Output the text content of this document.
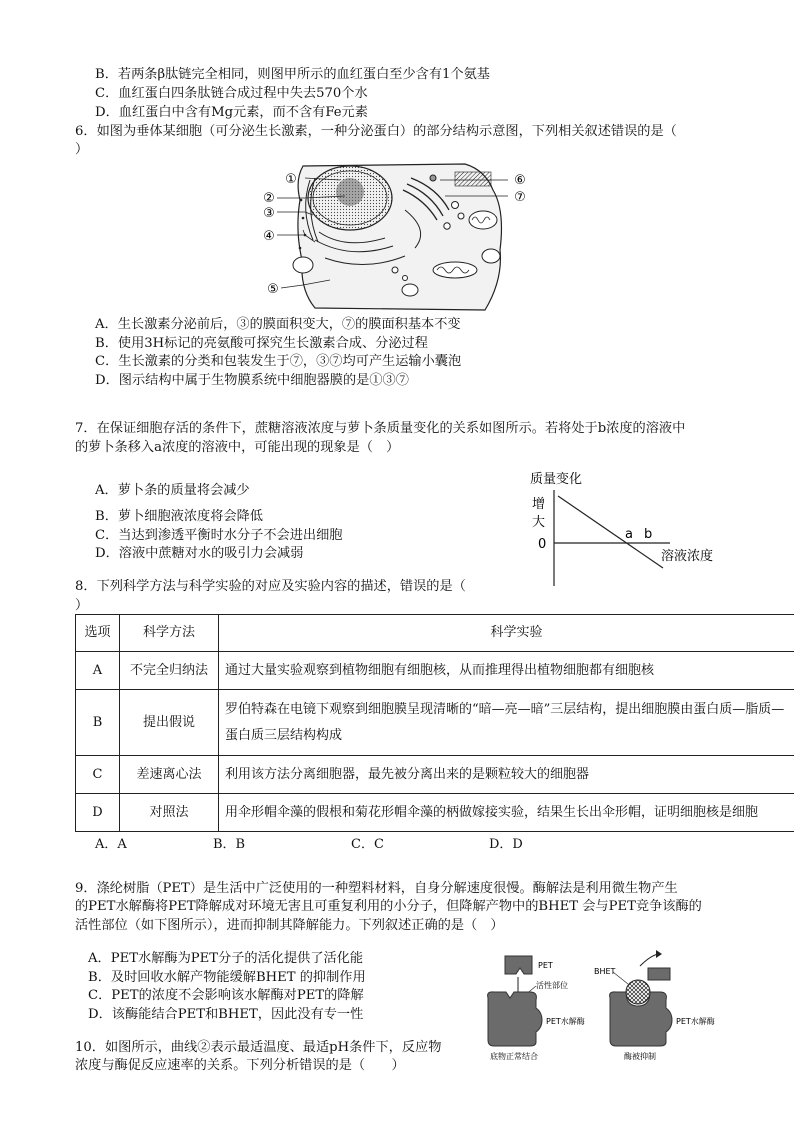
B．若两条β肽链完全相同，则图甲所示的血红蛋白至少含有1个氨基
C．血红蛋白四条肽链合成过程中失去570个水
D．血红蛋白中含有Mg元素，而不含有Fe元素
6．如图为垂体某细胞（可分泌生长激素，一种分泌蛋白）的部分结构示意图，下列相关叙述错误的是（
）
①
②
③
④
⑤
⑥
⑦
A．生长激素分泌前后，③的膜面积变大，⑦的膜面积基本不变
B．使用3H标记的亮氨酸可探究生长激素合成、分泌过程
C．生长激素的分类和包装发生于⑦，③⑦均可产生运输小囊泡
D．图示结构中属于生物膜系统中细胞器膜的是①③⑦
7．在保证细胞存活的条件下，蔗糖溶液浓度与萝卜条质量变化的关系如图所示。若将处于b浓度的溶液中
的萝卜条移入a浓度的溶液中，可能出现的现象是（　）
A．萝卜条的质量将会减少
B．萝卜细胞液浓度将会降低
C．当达到渗透平衡时水分子不会进出细胞
D．溶液中蔗糖对水的吸引力会减弱
质量变化
增
大
0
a b
溶液浓度
8．下列科学方法与科学实验的对应及实验内容的描述，错误的是（
）
选项	科学方法	科学实验
A	不完全归纳法	通过大量实验观察到植物细胞有细胞核，从而推理得出植物细胞都有细胞核
B	提出假说	罗伯特森在电镜下观察到细胞膜呈现清晰的“暗—亮—暗”三层结构，提出细胞膜由蛋白质—脂质—
蛋白质三层结构构成

C	差速离心法	利用该方法分离细胞器，最先被分离出来的是颗粒较大的细胞器
D	对照法	用伞形帽伞藻的假根和菊花形帽伞藻的柄做嫁接实验，结果生长出伞形帽，证明细胞核是细胞
A．A	B．B	C．C	D．D
9．涤纶树脂（PET）是生活中广泛使用的一种塑料材料，自身分解速度很慢。酶解法是利用微生物产生
的PET水解酶将PET降解成对环境无害且可重复利用的小分子，但降解产物中的BHET 会与PET竞争该酶的
活性部位（如下图所示），进而抑制其降解能力。下列叙述正确的是（　）
A．PET水解酶为PET分子的活化提供了活化能
B．及时回收水解产物能缓解BHET 的抑制作用
C．PET的浓度不会影响该水解酶对PET的降解
D．该酶能结合PET和BHET，因此没有专一性
PET
活性部位
PET水解酶
底物正常结合
BHET
PET水解酶
酶被抑制
10．如图所示，曲线②表示最适温度、最适pH条件下，反应物
浓度与酶促反应速率的关系。下列分析错误的是（　　）
